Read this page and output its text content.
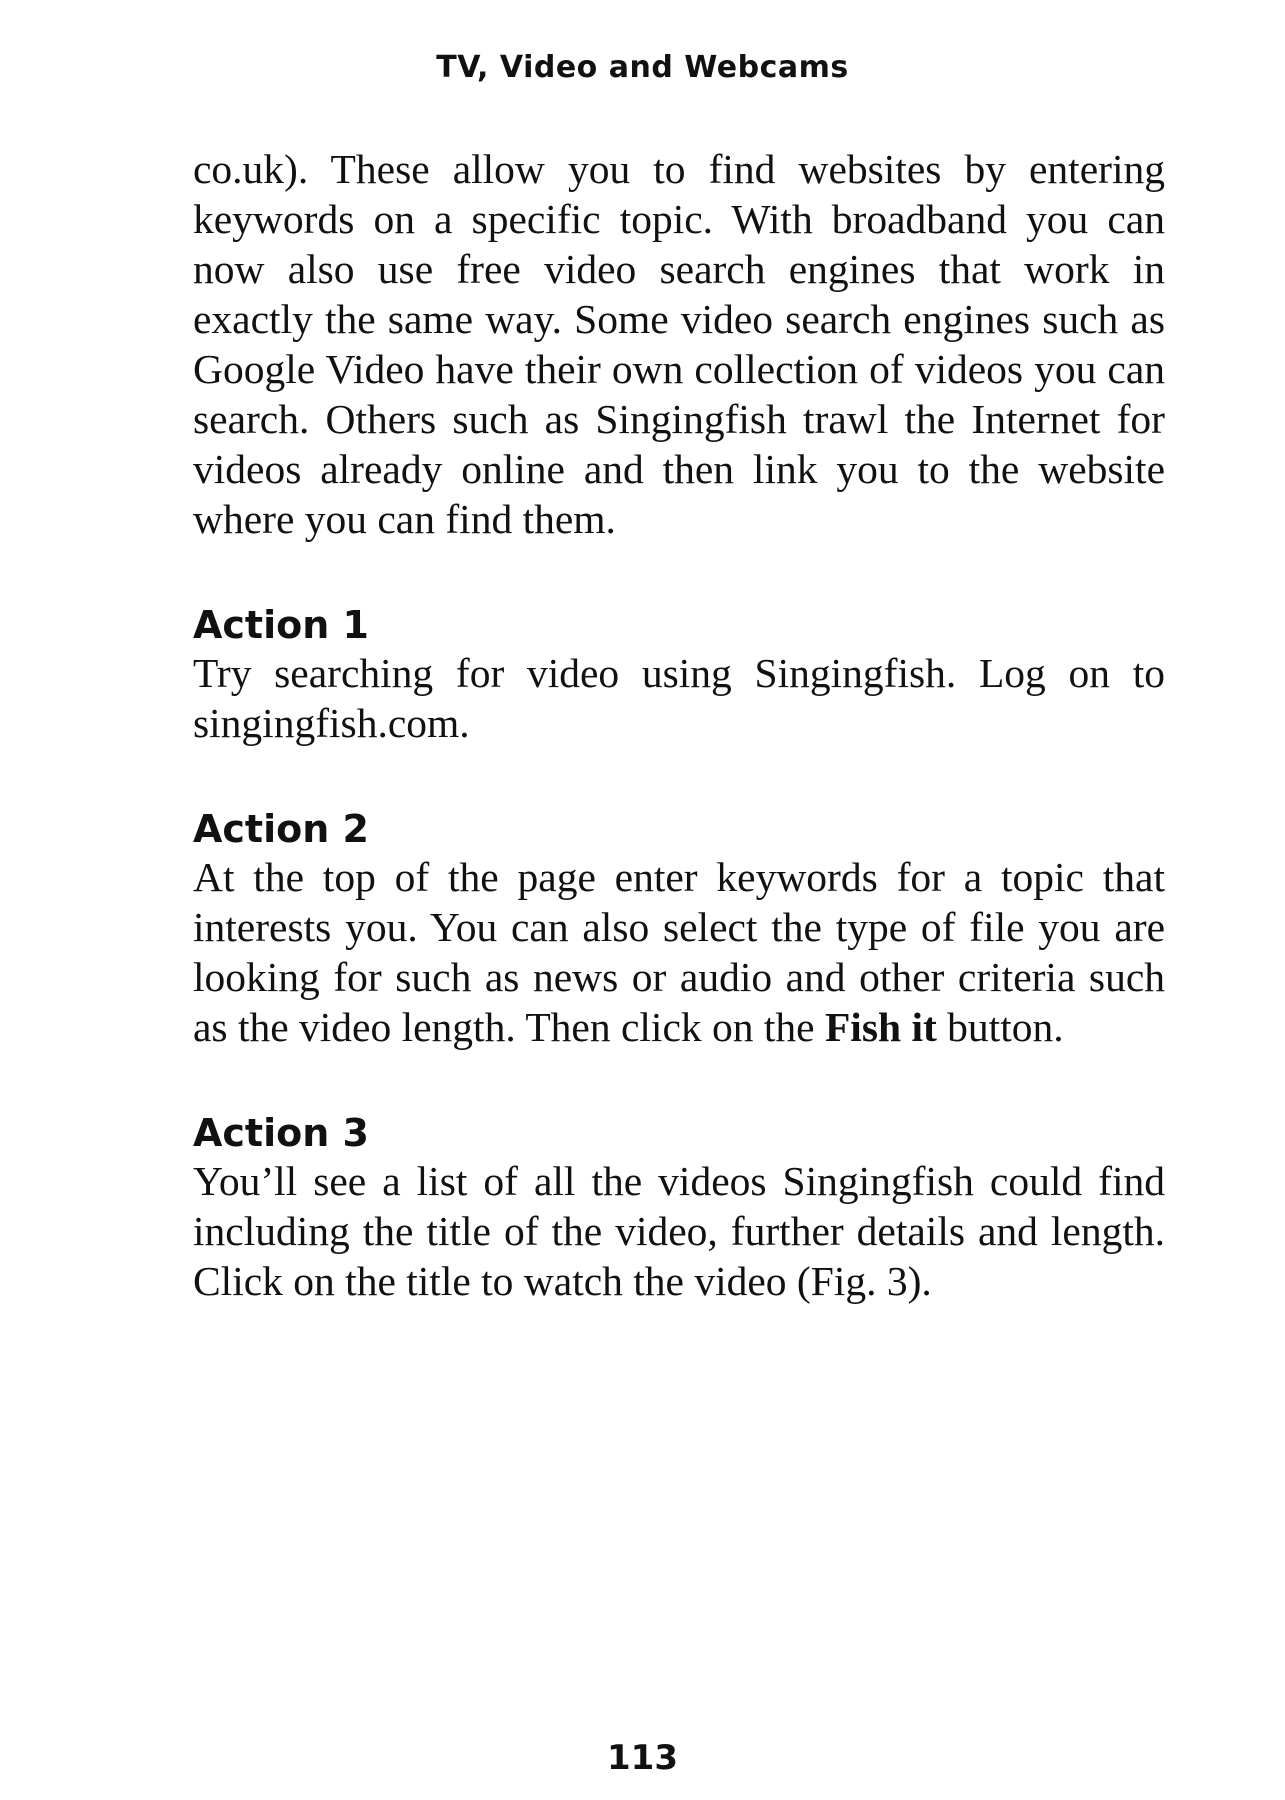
TV, Video and Webcams

co.uk). These allow you to find websites by entering keywords on a specific topic. With broadband you can now also use free video search engines that work in exactly the same way. Some video search engines such as Google Video have their own collection of videos you can search. Others such as Singingfish trawl the Internet for videos already online and then link you to the website where you can find them.

Action 1

Try searching for video using Singingfish. Log on to singingfish.com.

Action 2

At the top of the page enter keywords for a topic that interests you. You can also select the type of file you are looking for such as news or audio and other criteria such as the video length. Then click on the Fish it button.

Action 3

You’ll see a list of all the videos Singingfish could find including the title of the video, further details and length. Click on the title to watch the video (Fig. 3).

113
